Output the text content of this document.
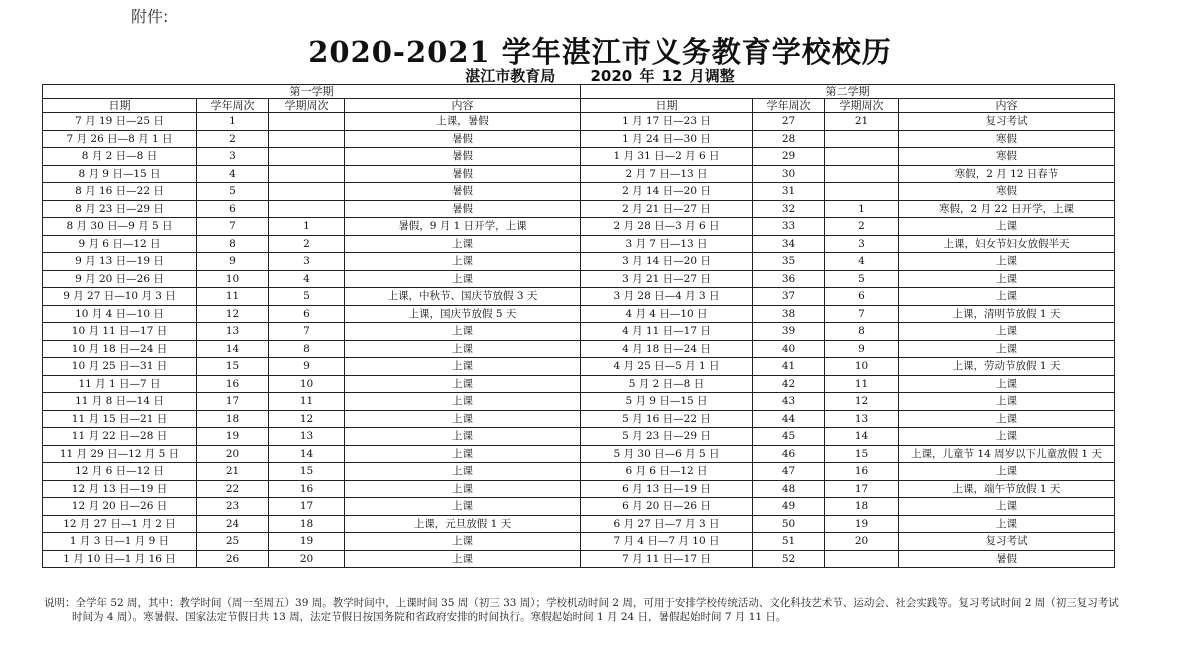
附件:
2020-2021 学年湛江市义务教育学校校历
湛江市教育局 2020 年 12 月调整
第一学期				第二学期			
日期	学年周次	学期周次	内容	日期	学年周次	学期周次	内容
7 月 19 日—25 日	1		上课，暑假	1 月 17 日—23 日	27	21	复习考试
7 月 26 日—8 月 1 日	2		暑假	1 月 24 日—30 日	28		寒假
8 月 2 日—8 日	3		暑假	1 月 31 日—2 月 6 日	29		寒假
8 月 9 日—15 日	4		暑假	2 月 7 日—13 日	30		寒假，2 月 12 日春节
8 月 16 日—22 日	5		暑假	2 月 14 日—20 日	31		寒假
8 月 23 日—29 日	6		暑假	2 月 21 日—27 日	32	1	寒假，2 月 22 日开学，上课
8 月 30 日—9 月 5 日	7	1	暑假，9 月 1 日开学，上课	2 月 28 日—3 月 6 日	33	2	上课
9 月 6 日—12 日	8	2	上课	3 月 7 日—13 日	34	3	上课，妇女节妇女放假半天
9 月 13 日—19 日	9	3	上课	3 月 14 日—20 日	35	4	上课
9 月 20 日—26 日	10	4	上课	3 月 21 日—27 日	36	5	上课
9 月 27 日—10 月 3 日	11	5	上课，中秋节、国庆节放假 3 天	3 月 28 日—4 月 3 日	37	6	上课
10 月 4 日—10 日	12	6	上课，国庆节放假 5 天	4 月 4 日—10 日	38	7	上课，清明节放假 1 天
10 月 11 日—17 日	13	7	上课	4 月 11 日—17 日	39	8	上课
10 月 18 日—24 日	14	8	上课	4 月 18 日—24 日	40	9	上课
10 月 25 日—31 日	15	9	上课	4 月 25 日—5 月 1 日	41	10	上课，劳动节放假 1 天
11 月 1 日—7 日	16	10	上课	5 月 2 日—8 日	42	11	上课
11 月 8 日—14 日	17	11	上课	5 月 9 日—15 日	43	12	上课
11 月 15 日—21 日	18	12	上课	5 月 16 日—22 日	44	13	上课
11 月 22 日—28 日	19	13	上课	5 月 23 日—29 日	45	14	上课
11 月 29 日—12 月 5 日	20	14	上课	5 月 30 日—6 月 5 日	46	15	上课，儿童节 14 周岁以下儿童放假 1 天
12 月 6 日—12 日	21	15	上课	6 月 6 日—12 日	47	16	上课
12 月 13 日—19 日	22	16	上课	6 月 13 日—19 日	48	17	上课，端午节放假 1 天
12 月 20 日—26 日	23	17	上课	6 月 20 日—26 日	49	18	上课
12 月 27 日—1 月 2 日	24	18	上课，元旦放假 1 天	6 月 27 日—7 月 3 日	50	19	上课
1 月 3 日—1 月 9 日	25	19	上课	7 月 4 日—7 月 10 日	51	20	复习考试
1 月 10 日—1 月 16 日	26	20	上课	7 月 11 日—17 日	52		暑假
说明：全学年 52 周，其中：教学时间（周一至周五）39 周。教学时间中，上课时间 35 周（初三 33 周）；学校机动时间 2 周，可用于安排学校传统活动、文化科技艺术节、运动会、社会实践等。复习考试时间 2 周（初三复习考试时间为 4 周）。寒暑假、国家法定节假日共 13 周，法定节假日按国务院和省政府安排的时间执行。寒假起始时间 1 月 24 日，暑假起始时间 7 月 11 日。
